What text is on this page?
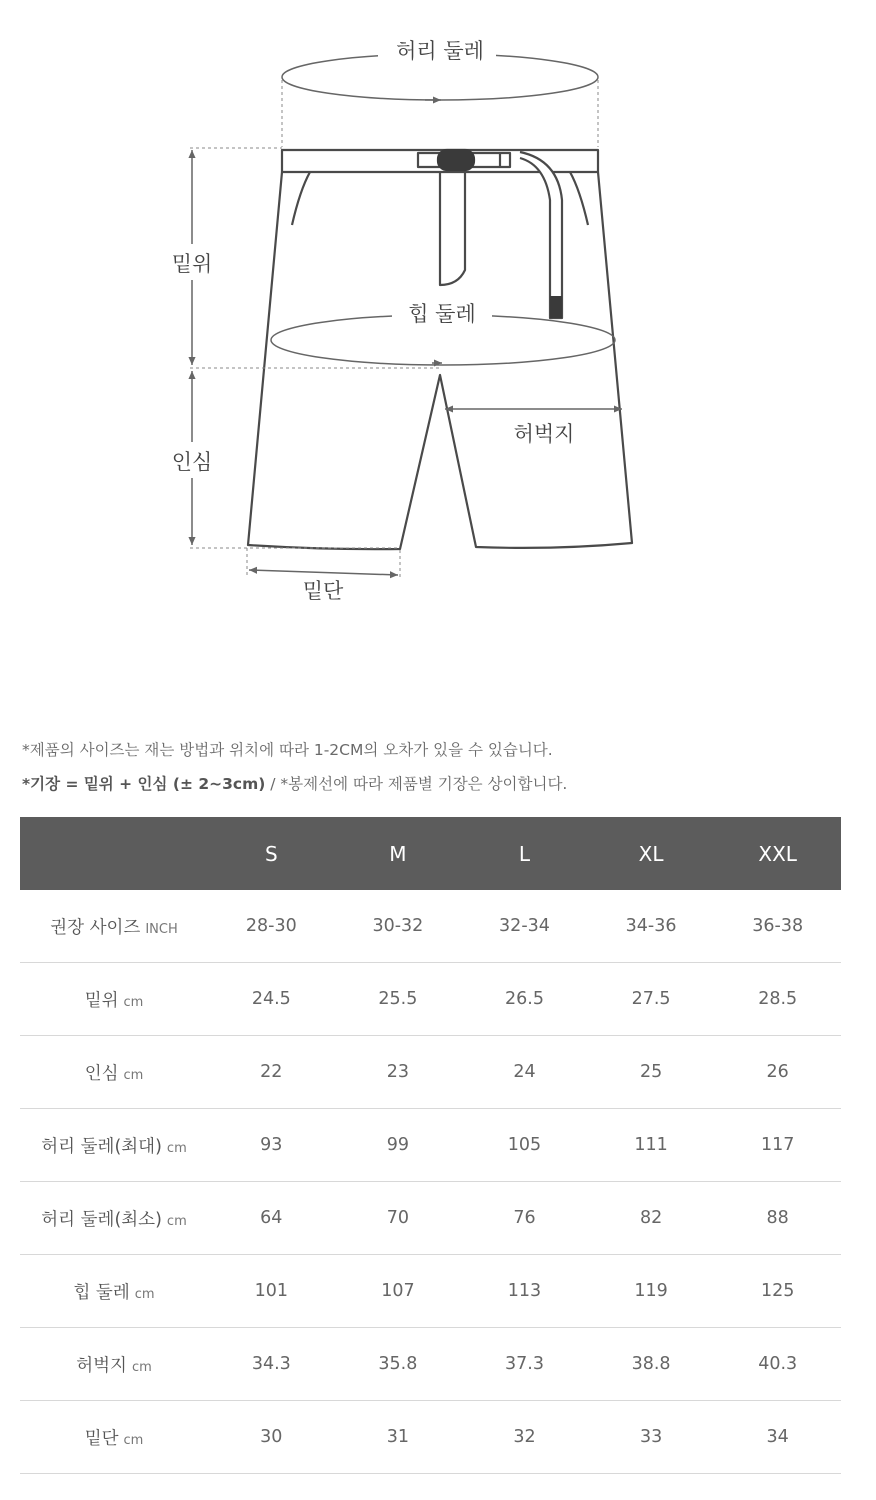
허리 둘레
힙 둘레
밑위
인심
허벅지
밑단

*제품의 사이즈는 재는 방법과 위치에 따라 1-2CM의 오차가 있을 수 있습니다.

*기장 = 밑위 + 인심 (± 2~3cm) / *봉제선에 따라 제품별 기장은 상이합니다.

	S	M	L	XL	XXL
권장 사이즈 INCH	28-30	30-32	32-34	34-36	36-38
밑위 cm	24.5	25.5	26.5	27.5	28.5
인심 cm	22	23	24	25	26
허리 둘레(최대) cm	93	99	105	111	117
허리 둘레(최소) cm	64	70	76	82	88
힙 둘레 cm	101	107	113	119	125
허벅지 cm	34.3	35.8	37.3	38.8	40.3
밑단 cm	30	31	32	33	34
